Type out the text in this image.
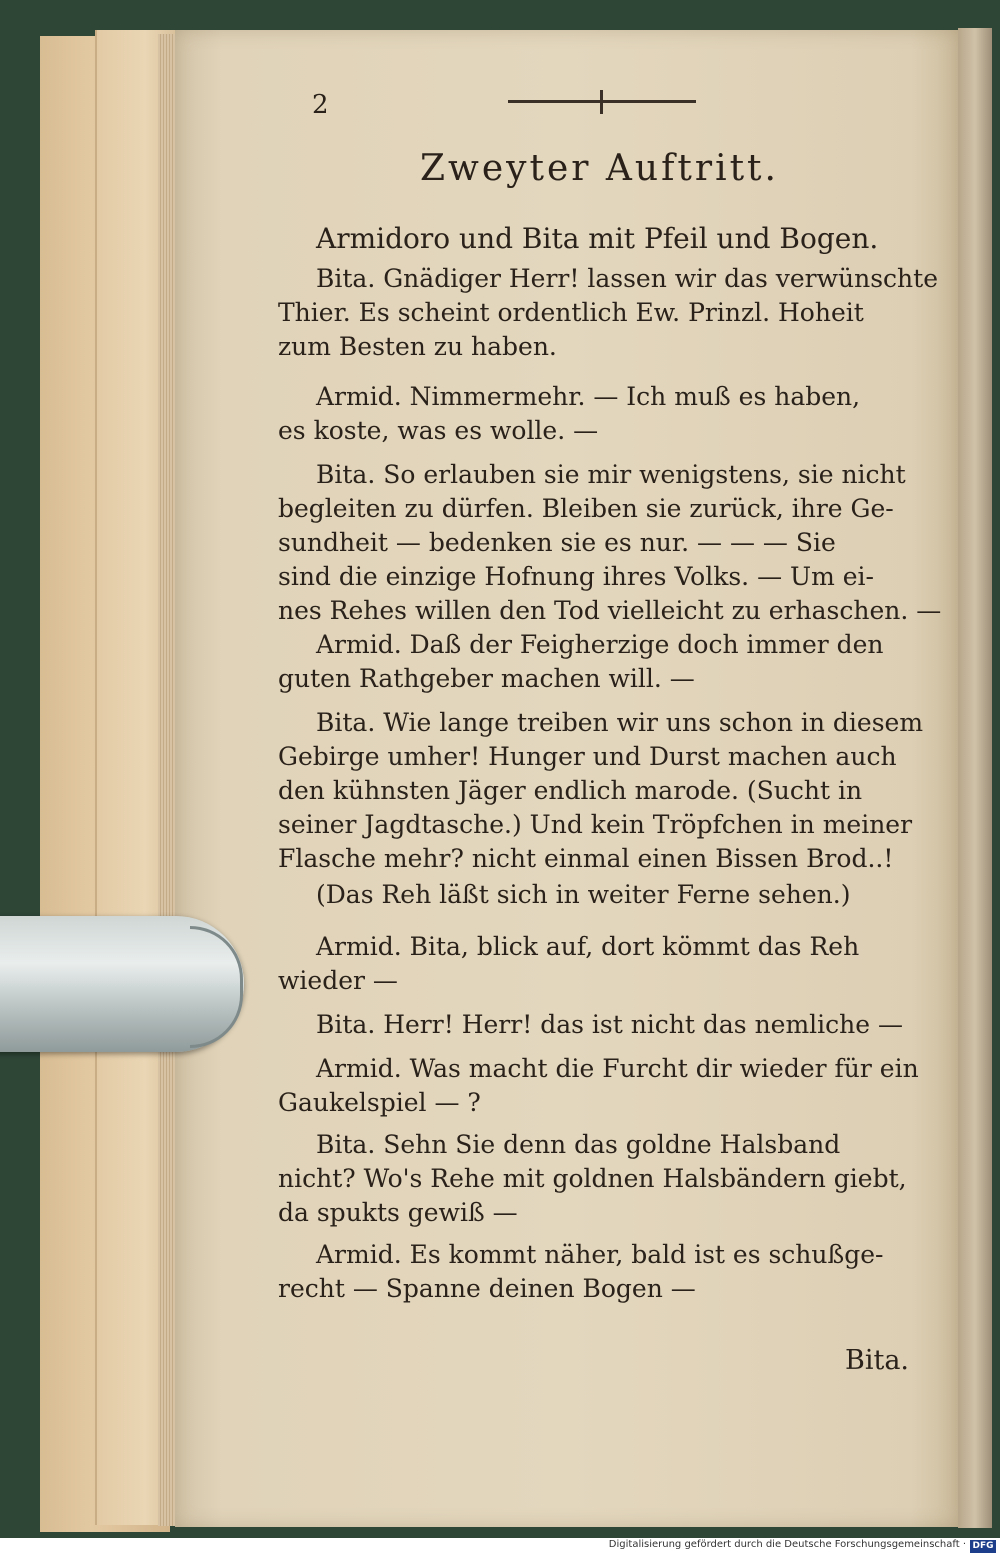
2
Zweyter Auftritt.
Armidoro und Bita mit Pfeil und Bogen.
Bita. Gnädiger Herr! lassen wir das verwünschte
Thier. Es scheint ordentlich Ew. Prinzl. Hoheit
zum Besten zu haben.
Armid. Nimmermehr. — Ich muß es haben,
es koste, was es wolle. —
Bita. So erlauben sie mir wenigstens, sie nicht
begleiten zu dürfen. Bleiben sie zurück, ihre Ge-
sundheit — bedenken sie es nur. — — — Sie
sind die einzige Hofnung ihres Volks. — Um ei-
nes Rehes willen den Tod vielleicht zu erhaschen. —
Armid. Daß der Feigherzige doch immer den
guten Rathgeber machen will. —
Bita. Wie lange treiben wir uns schon in diesem
Gebirge umher! Hunger und Durst machen auch
den kühnsten Jäger endlich marode. (Sucht in
seiner Jagdtasche.) Und kein Tröpfchen in meiner
Flasche mehr? nicht einmal einen Bissen Brod..!
(Das Reh läßt sich in weiter Ferne sehen.)
Armid. Bita, blick auf, dort kömmt das Reh
wieder —
Bita. Herr! Herr! das ist nicht das nemliche —
Armid. Was macht die Furcht dir wieder für ein
Gaukelspiel — ?
Bita. Sehn Sie denn das goldne Halsband
nicht? Wo's Rehe mit goldnen Halsbändern giebt,
da spukts gewiß —
Armid. Es kommt näher, bald ist es schußge-
recht — Spanne deinen Bogen —
Bita.
Digitalisierung gefördert durch die Deutsche Forschungsgemeinschaft · DFG
